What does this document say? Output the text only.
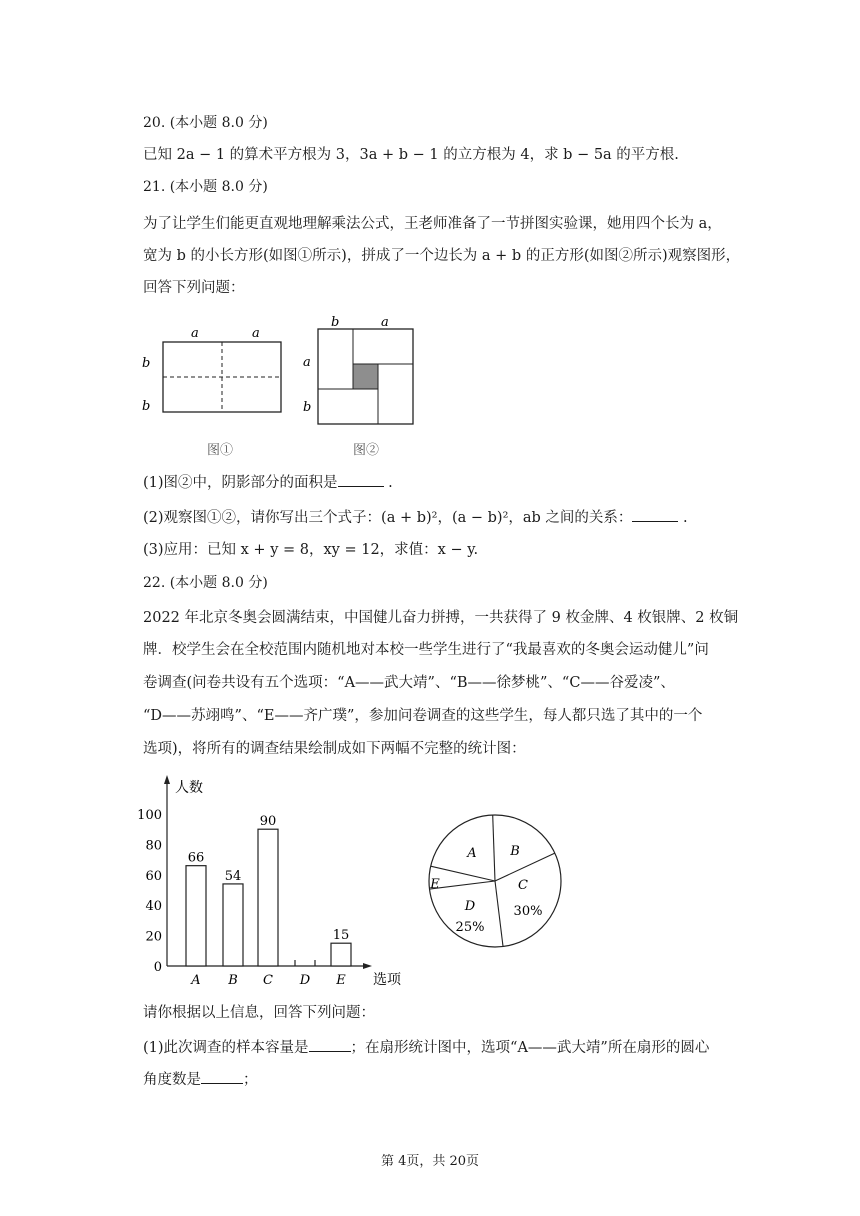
20. (本小题 8.0 分)
已知 2a − 1 的算术平方根为 3，3a + b − 1 的立方根为 4，求 b − 5a 的平方根.
21. (本小题 8.0 分)
为了让学生们能更直观地理解乘法公式，王老师准备了一节拼图实验课，她用四个长为 a，
宽为 b 的小长方形(如图①所示)，拼成了一个边长为 a + b 的正方形(如图②所示)观察图形，
回答下列问题：
a	a
b
b
图①
b	a
a
b
图②
(1)图②中，阴影部分的面积是	.
(2)观察图①②，请你写出三个式子：(a + b)²，(a − b)²，ab 之间的关系：	.
(3)应用：已知 x + y = 8，xy = 12，求值：x − y.
22. (本小题 8.0 分)
2022 年北京冬奥会圆满结束，中国健儿奋力拼搏，一共获得了 9 枚金牌、4 枚银牌、2 枚铜
牌．校学生会在全校范围内随机地对本校一些学生进行了“我最喜欢的冬奥会运动健儿”问
卷调查(问卷共设有五个选项：“A——武大靖”、“B——徐梦桃”、“C——谷爱凌”、
“D——苏翊鸣”、“E——齐广璞”，参加问卷调查的这些学生，每人都只选了其中的一个
选项)，将所有的调查结果绘制成如下两幅不完整的统计图：
人数
选项
0
20
40
60
80
100
66
A
54
B
90
C D
15
E
A	B
C
30%
D
25%
E
请你根据以上信息，回答下列问题：
(1)此次调查的样本容量是	；在扇形统计图中，选项“A——武大靖”所在扇形的圆心
角度数是	；
第 4页，共 20页
